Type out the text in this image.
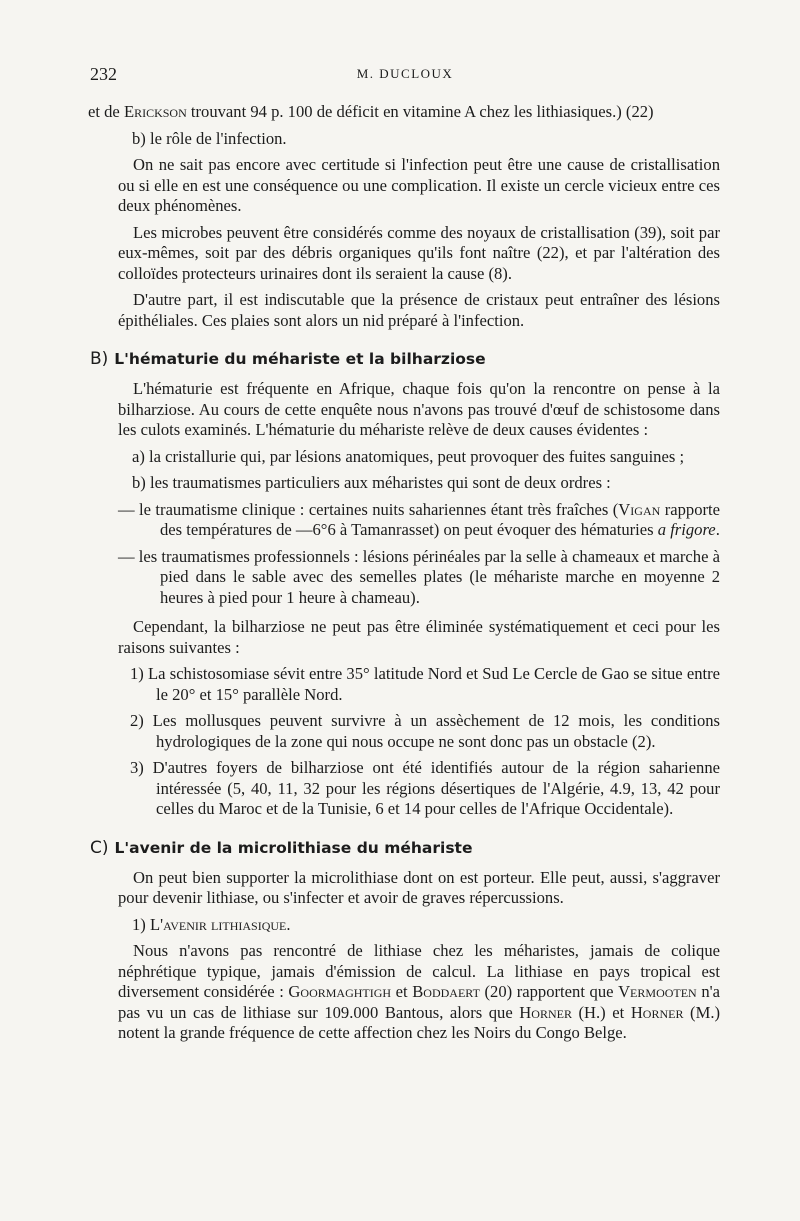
232	M. DUCLOUX

et de Erickson trouvant 94 p. 100 de déficit en vitamine A chez les lithiasiques.) (22)

b) le rôle de l'infection.

On ne sait pas encore avec certitude si l'infection peut être une cause de cristallisation ou si elle en est une conséquence ou une complication. Il existe un cercle vicieux entre ces deux phénomènes.

Les microbes peuvent être considérés comme des noyaux de cristallisation (39), soit par eux-mêmes, soit par des débris organiques qu'ils font naître (22), et par l'altération des colloïdes protecteurs urinaires dont ils seraient la cause (8).

D'autre part, il est indiscutable que la présence de cristaux peut entraîner des lésions épithéliales. Ces plaies sont alors un nid préparé à l'infection.

B) L'hématurie du méhariste et la bilharziose

L'hématurie est fréquente en Afrique, chaque fois qu'on la rencontre on pense à la bilharziose. Au cours de cette enquête nous n'avons pas trouvé d'œuf de schistosome dans les culots examinés. L'hématurie du méhariste relève de deux causes évidentes :

a) la cristallurie qui, par lésions anatomiques, peut provoquer des fuites sanguines ;

b) les traumatismes particuliers aux méharistes qui sont de deux ordres :

— le traumatisme clinique : certaines nuits sahariennes étant très fraîches (Vigan rapporte des températures de —6°6 à Tamanrasset) on peut évoquer des hématuries a frigore.

— les traumatismes professionnels : lésions périnéales par la selle à chameaux et marche à pied dans le sable avec des semelles plates (le méhariste marche en moyenne 2 heures à pied pour 1 heure à chameau).

Cependant, la bilharziose ne peut pas être éliminée systématiquement et ceci pour les raisons suivantes :

1) La schistosomiase sévit entre 35° latitude Nord et Sud Le Cercle de Gao se situe entre le 20° et 15° parallèle Nord.

2) Les mollusques peuvent survivre à un assèchement de 12 mois, les conditions hydrologiques de la zone qui nous occupe ne sont donc pas un obstacle (2).

3) D'autres foyers de bilharziose ont été identifiés autour de la région saharienne intéressée (5, 40, 11, 32 pour les régions désertiques de l'Algérie, 4.9, 13, 42 pour celles du Maroc et de la Tunisie, 6 et 14 pour celles de l'Afrique Occidentale).

C) L'avenir de la microlithiase du méhariste

On peut bien supporter la microlithiase dont on est porteur. Elle peut, aussi, s'aggraver pour devenir lithiase, ou s'infecter et avoir de graves répercussions.

1) L'avenir lithiasique.

Nous n'avons pas rencontré de lithiase chez les méharistes, jamais de colique néphrétique typique, jamais d'émission de calcul. La lithiase en pays tropical est diversement considérée : Goormaghtigh et Boddaert (20) rapportent que Vermooten n'a pas vu un cas de lithiase sur 109.000 Bantous, alors que Horner (H.) et Horner (M.) notent la grande fréquence de cette affection chez les Noirs du Congo Belge.
